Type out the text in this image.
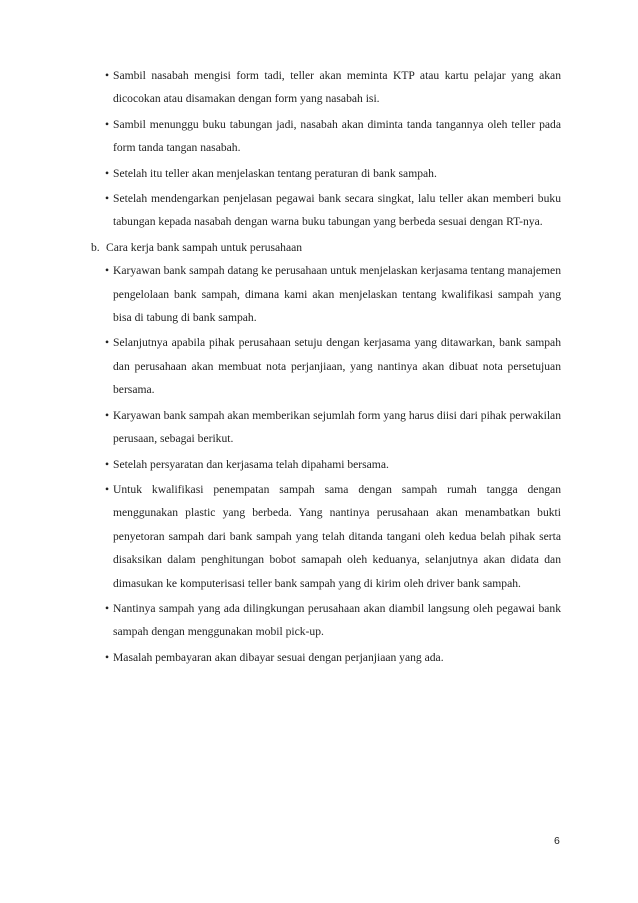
• Sambil nasabah mengisi form tadi, teller akan meminta KTP atau kartu pelajar yang akan dicocokan atau disamakan dengan form yang nasabah isi.
• Sambil menunggu buku tabungan jadi, nasabah akan diminta tanda tangannya oleh teller pada form tanda tangan nasabah.
• Setelah itu teller akan menjelaskan tentang peraturan di bank sampah.
• Setelah mendengarkan penjelasan pegawai bank secara singkat, lalu teller akan memberi buku tabungan kepada nasabah dengan warna buku tabungan yang berbeda sesuai dengan RT-nya.
b. Cara kerja bank sampah untuk perusahaan
• Karyawan bank sampah datang ke perusahaan untuk menjelaskan kerjasama tentang manajemen pengelolaan bank sampah, dimana kami akan menjelaskan tentang kwalifikasi sampah yang bisa di tabung di bank sampah.
• Selanjutnya apabila pihak perusahaan setuju dengan kerjasama yang ditawarkan, bank sampah dan perusahaan akan membuat nota perjanjiaan, yang nantinya akan dibuat nota persetujuan bersama.
• Karyawan bank sampah akan memberikan sejumlah form yang harus diisi dari pihak perwakilan perusaan, sebagai berikut.
• Setelah persyaratan dan kerjasama telah dipahami bersama.
• Untuk kwalifikasi penempatan sampah sama dengan sampah rumah tangga dengan menggunakan plastic yang berbeda. Yang nantinya perusahaan akan menambatkan bukti penyetoran sampah dari bank sampah yang telah ditanda tangani oleh kedua belah pihak serta disaksikan dalam penghitungan bobot samapah oleh keduanya, selanjutnya akan didata dan dimasukan ke komputerisasi teller bank sampah yang di kirim oleh driver bank sampah.
• Nantinya sampah yang ada dilingkungan perusahaan akan diambil langsung oleh pegawai bank sampah dengan menggunakan mobil pick-up.
• Masalah pembayaran akan dibayar sesuai dengan perjanjiaan yang ada.
6
